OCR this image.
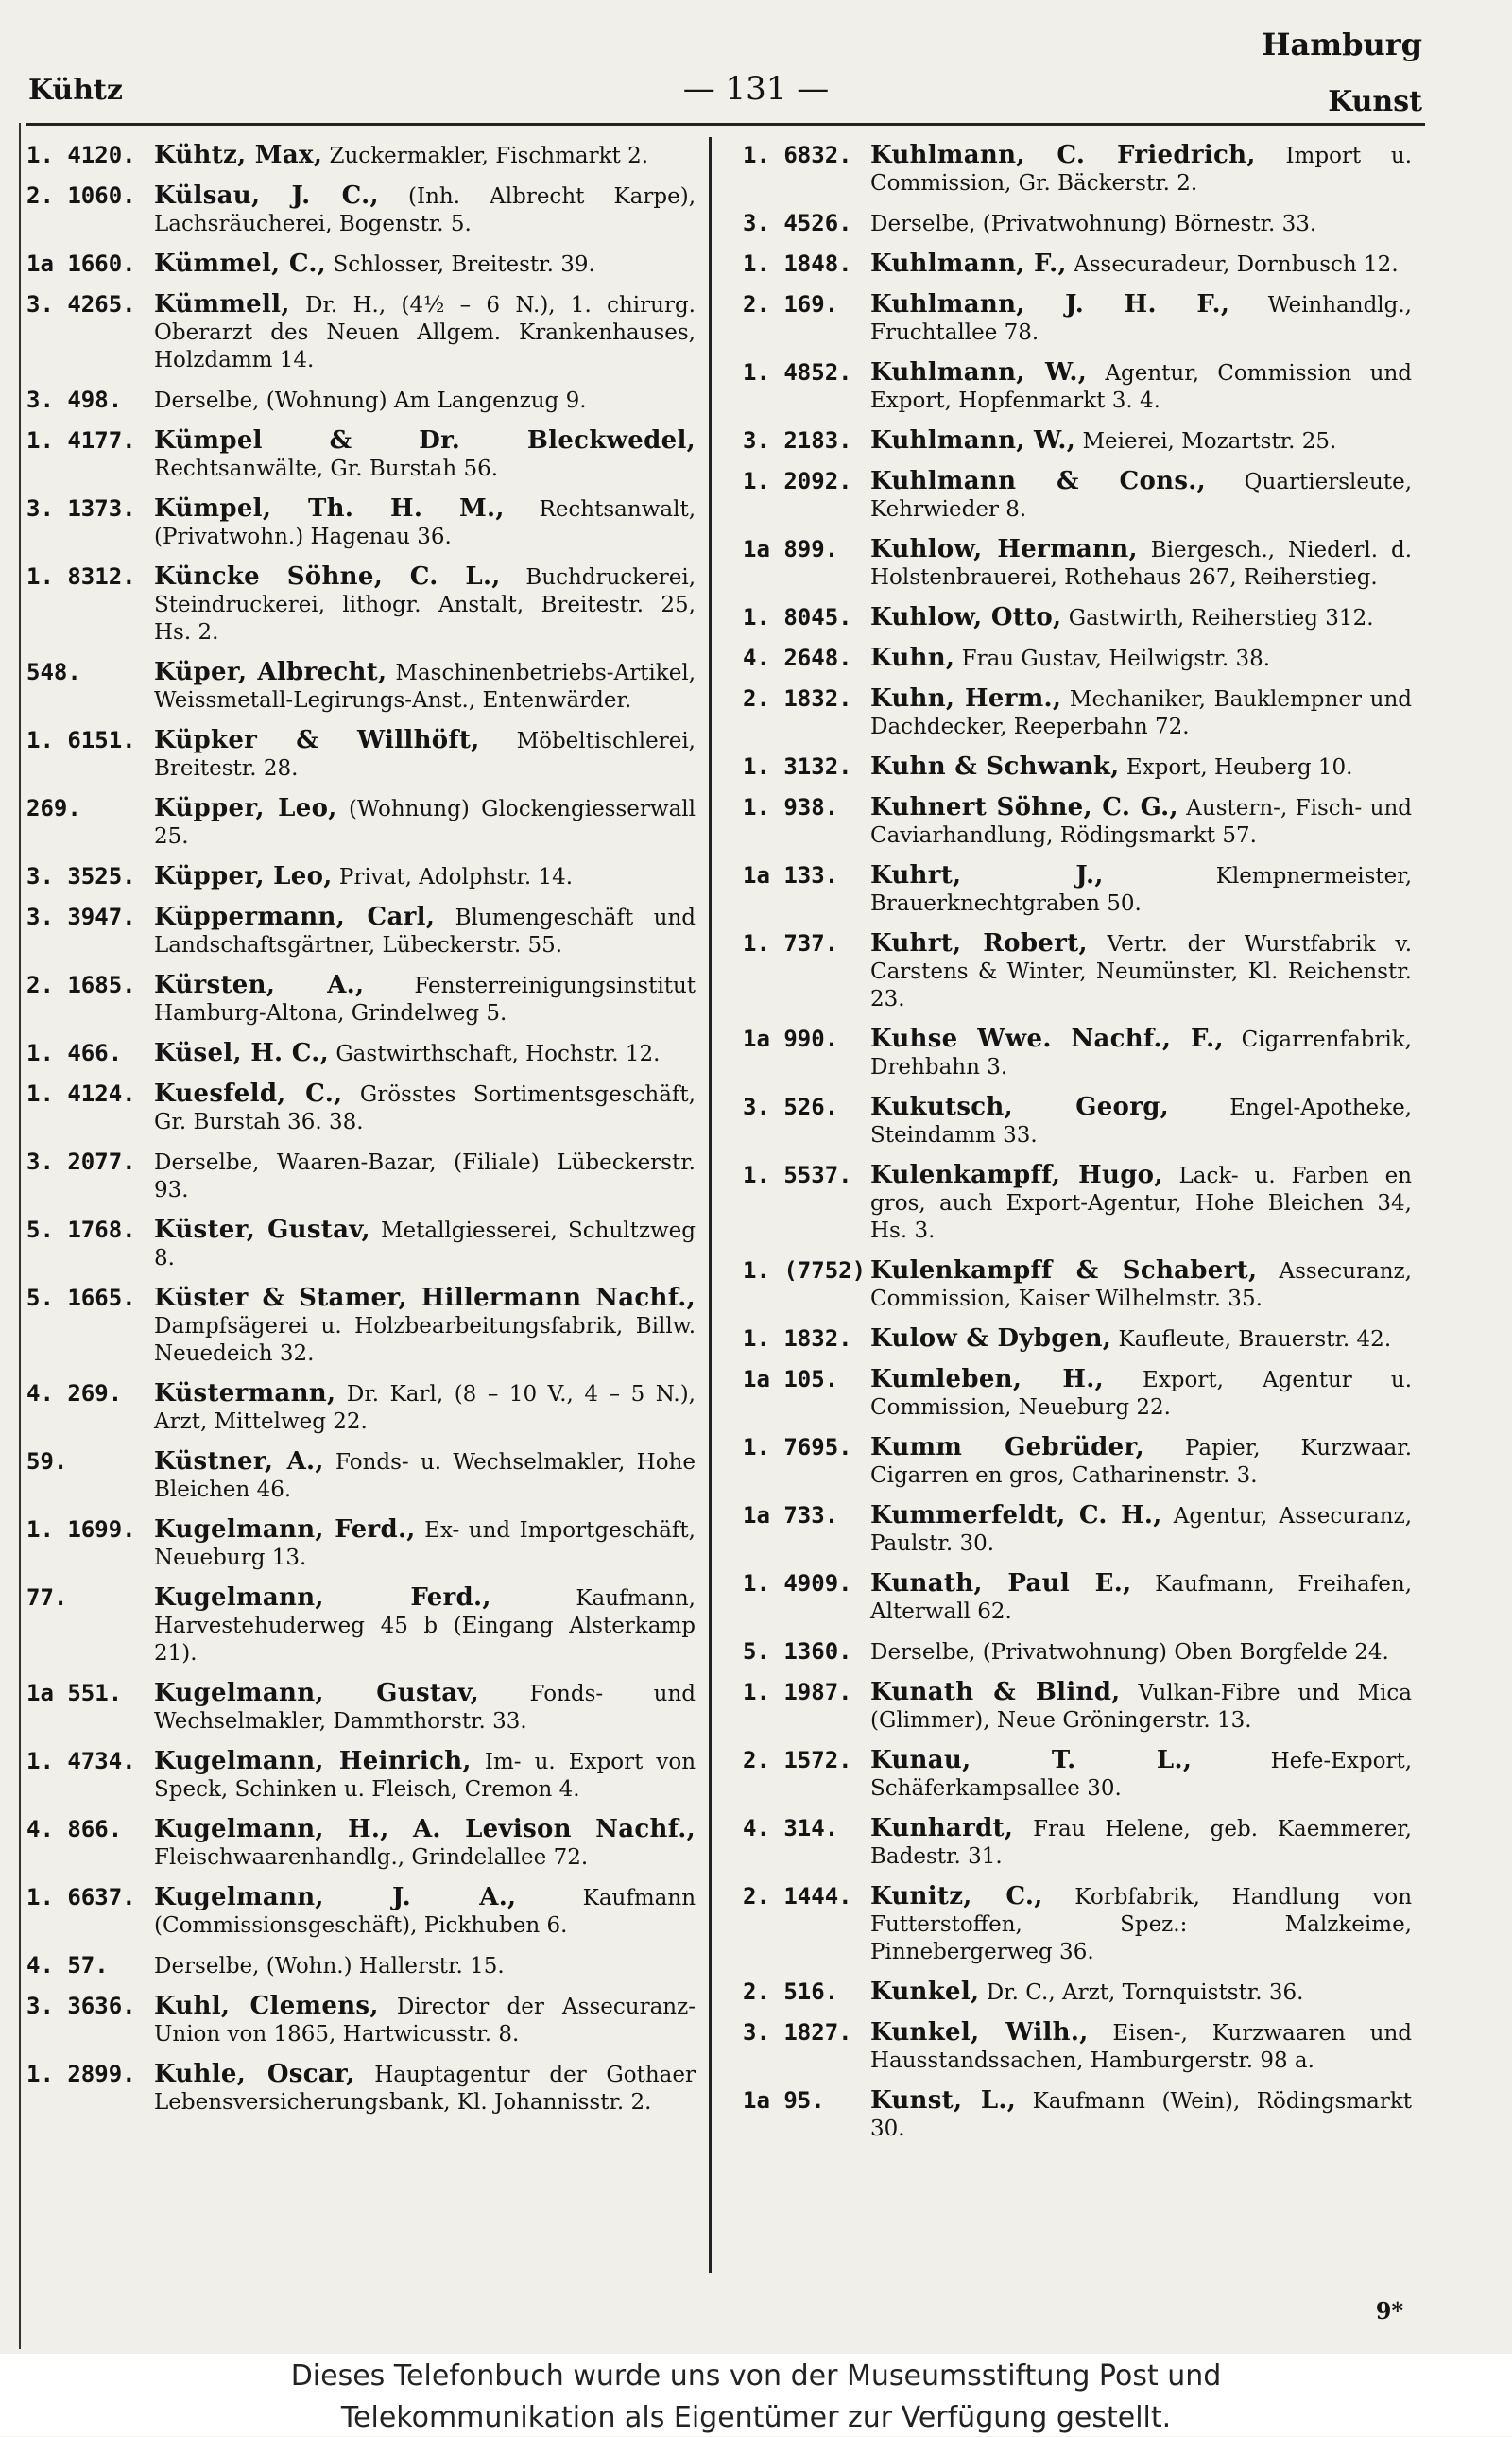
Kühtz	— 131 —
Hamburg
Kunst
1. 4120. Kühtz, Max, Zuckermakler, Fischmarkt 2.
2. 1060. Külsau, J. C., (Inh. Albrecht Karpe), Lachsräucherei, Bogenstr. 5.
1a 1660. Kümmel, C., Schlosser, Breitestr. 39.
3. 4265. Kümmell, Dr. H., (4½ – 6 N.), 1. chirurg. Oberarzt des Neuen Allgem. Krankenhauses, Holzdamm 14.
3. 498.	Derselbe, (Wohnung) Am Langenzug 9.
1. 4177. Kümpel & Dr. Bleckwedel, Rechtsanwälte, Gr. Burstah 56.
3. 1373. Kümpel, Th. H. M., Rechtsanwalt, (Privatwohn.) Hagenau 36.
1. 8312. Küncke Söhne, C. L., Buchdruckerei, Steindruckerei, lithogr. Anstalt, Breitestr. 25, Hs. 2.
548.	Küper, Albrecht, Maschinenbetriebs-Artikel, Weissmetall-Legirungs-Anst., Entenwärder.
1. 6151. Küpker & Willhöft, Möbeltischlerei, Breitestr. 28.
269.	Küpper, Leo, (Wohnung) Glockengiesserwall 25.
3. 3525. Küpper, Leo, Privat, Adolphstr. 14.
3. 3947. Küppermann, Carl, Blumengeschäft und Landschaftsgärtner, Lübeckerstr. 55.
2. 1685. Kürsten, A., Fensterreinigungsinstitut Hamburg-Altona, Grindelweg 5.
1. 466.	Küsel, H. C., Gastwirthschaft, Hochstr. 12.
1. 4124. Kuesfeld, C., Grösstes Sortimentsgeschäft, Gr. Burstah 36. 38.
3. 2077. Derselbe, Waaren-Bazar, (Filiale) Lübeckerstr. 93.
5. 1768. Küster, Gustav, Metallgiesserei, Schultzweg 8.
5. 1665. Küster & Stamer, Hillermann Nachf., Dampfsägerei u. Holzbearbeitungsfabrik, Billw. Neuedeich 32.
4. 269.	Küstermann, Dr. Karl, (8 – 10 V., 4 – 5 N.), Arzt, Mittelweg 22.
59.	Küstner, A., Fonds- u. Wechselmakler, Hohe Bleichen 46.
1. 1699. Kugelmann, Ferd., Ex- und Importgeschäft, Neueburg 13.
77.	Kugelmann, Ferd.,	Kaufmann, Harvestehuderweg 45 b (Eingang Alsterkamp 21).
1a 551.	Kugelmann, Gustav, Fonds- und Wechselmakler, Dammthorstr. 33.
1. 4734. Kugelmann, Heinrich, Im- u. Export von Speck, Schinken u. Fleisch, Cremon 4.
4. 866.	Kugelmann, H., A. Levison Nachf., Fleischwaarenhandlg., Grindelallee 72.
1. 6637. Kugelmann, J. A.,	Kaufmann (Commissionsgeschäft), Pickhuben 6.
4. 57.	Derselbe, (Wohn.) Hallerstr. 15.
3. 3636. Kuhl, Clemens, Director der Assecuranz-Union von 1865, Hartwicusstr. 8.
1. 2899. Kuhle, Oscar, Hauptagentur der Gothaer Lebensversicherungsbank, Kl. Johannisstr. 2.
1. 6832. Kuhlmann, C. Friedrich, Import u. Commission, Gr. Bäckerstr. 2.
3. 4526. Derselbe, (Privatwohnung) Börnestr. 33.
1. 1848. Kuhlmann, F., Assecuradeur, Dornbusch 12.
2. 169.	Kuhlmann, J. H. F., Weinhandlg., Fruchtallee 78.
1. 4852. Kuhlmann, W., Agentur, Commission und Export, Hopfenmarkt 3. 4.
3. 2183. Kuhlmann, W., Meierei, Mozartstr. 25.
1. 2092. Kuhlmann & Cons., Quartiersleute, Kehrwieder 8.
1a 899.	Kuhlow, Hermann, Biergesch., Niederl. d. Holstenbrauerei, Rothehaus 267, Reiherstieg.
1. 8045. Kuhlow, Otto, Gastwirth, Reiherstieg 312.
4. 2648. Kuhn, Frau Gustav, Heilwigstr. 38.
2. 1832. Kuhn, Herm., Mechaniker, Bauklempner und Dachdecker, Reeperbahn 72.
1. 3132. Kuhn & Schwank, Export, Heuberg 10.
1. 938.	Kuhnert Söhne, C. G., Austern-, Fisch- und Caviarhandlung, Rödingsmarkt 57.
1a 133.	Kuhrt, J.,	Klempnermeister, Brauerknechtgraben 50.
1. 737.	Kuhrt, Robert, Vertr. der Wurstfabrik v. Carstens & Winter, Neumünster, Kl. Reichenstr. 23.
1a 990.	Kuhse Wwe. Nachf., F., Cigarrenfabrik, Drehbahn 3.
3. 526.	Kukutsch, Georg,	Engel-Apotheke, Steindamm 33.
1. 5537. Kulenkampff, Hugo, Lack- u. Farben en gros, auch Export-Agentur, Hohe Bleichen 34, Hs. 3.
1. (7752) Kulenkampff & Schabert, Assecuranz, Commission, Kaiser Wilhelmstr. 35.
1. 1832. Kulow & Dybgen, Kaufleute, Brauerstr. 42.
1a 105.	Kumleben, H., Export, Agentur u. Commission, Neueburg 22.
1. 7695. Kumm Gebrüder, Papier, Kurzwaar. Cigarren en gros, Catharinenstr. 3.
1a 733.	Kummerfeldt, C. H., Agentur, Assecuranz, Paulstr. 30.
1. 4909. Kunath, Paul E., Kaufmann, Freihafen, Alterwall 62.
5. 1360. Derselbe, (Privatwohnung) Oben Borgfelde 24.
1. 1987. Kunath & Blind, Vulkan-Fibre und Mica (Glimmer), Neue Gröningerstr. 13.
2. 1572. Kunau, T. L.,	Hefe-Export, Schäferkampsallee 30.
4. 314.	Kunhardt, Frau Helene, geb. Kaemmerer, Badestr. 31.
2. 1444. Kunitz, C., Korbfabrik, Handlung von Futterstoffen, Spez.: Malzkeime, Pinnebergerweg 36.
2. 516.	Kunkel, Dr. C., Arzt, Tornquiststr. 36.
3. 1827. Kunkel, Wilh., Eisen-, Kurzwaaren und Hausstandssachen, Hamburgerstr. 98 a.
1a 95.	Kunst, L., Kaufmann (Wein), Rödingsmarkt 30.
9*
Dieses Telefonbuch wurde uns von der Museumsstiftung Post und
Telekommunikation als Eigentümer zur Verfügung gestellt.
